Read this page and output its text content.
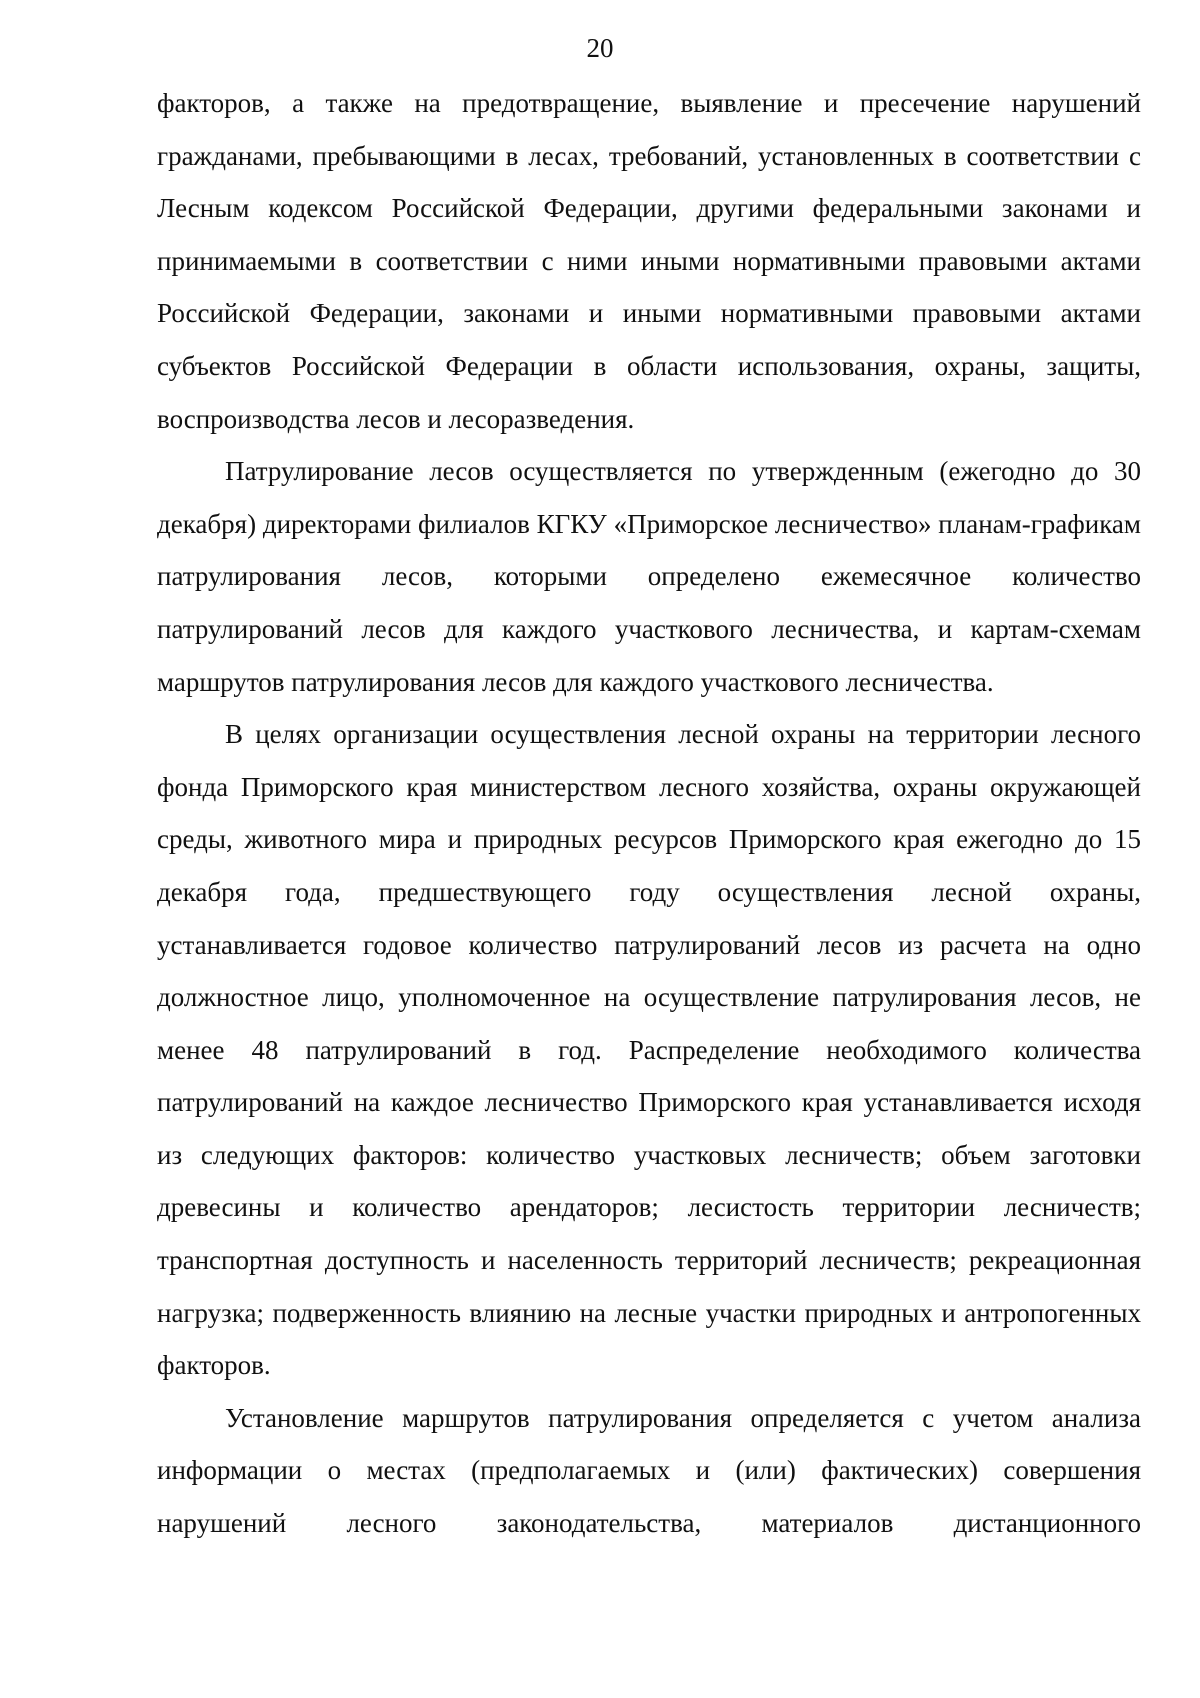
20

факторов, а также на предотвращение, выявление и пресечение нарушений гражданами, пребывающими в лесах, требований, установленных в соответствии с Лесным кодексом Российской Федерации, другими федеральными законами и принимаемыми в соответствии с ними иными нормативными правовыми актами Российской Федерации, законами и иными нормативными правовыми актами субъектов Российской Федерации в области использования, охраны, защиты, воспроизводства лесов и лесоразведения.

Патрулирование лесов осуществляется по утвержденным (ежегодно до 30 декабря) директорами филиалов КГКУ «Приморское лесничество» планам-графикам патрулирования лесов, которыми определено ежемесячное количество патрулирований лесов для каждого участкового лесничества, и картам-схемам маршрутов патрулирования лесов для каждого участкового лесничества.

В целях организации осуществления лесной охраны на территории лесного фонда Приморского края министерством лесного хозяйства, охраны окружающей среды, животного мира и природных ресурсов Приморского края ежегодно до 15 декабря года, предшествующего году осуществления лесной охраны, устанавливается годовое количество патрулирований лесов из расчета на одно должностное лицо, уполномоченное на осуществление патрулирования лесов, не менее 48 патрулирований в год. Распределение необходимого количества патрулирований на каждое лесничество Приморского края устанавливается исходя из следующих факторов: количество участковых лесничеств; объем заготовки древесины и количество арендаторов; лесистость территории лесничеств; транспортная доступность и населенность территорий лесничеств; рекреационная нагрузка; подверженность влиянию на лесные участки природных и антропогенных факторов.

Установление маршрутов патрулирования определяется с учетом анализа информации о местах (предполагаемых и (или) фактических) совершения нарушений лесного законодательства, материалов дистанционного
